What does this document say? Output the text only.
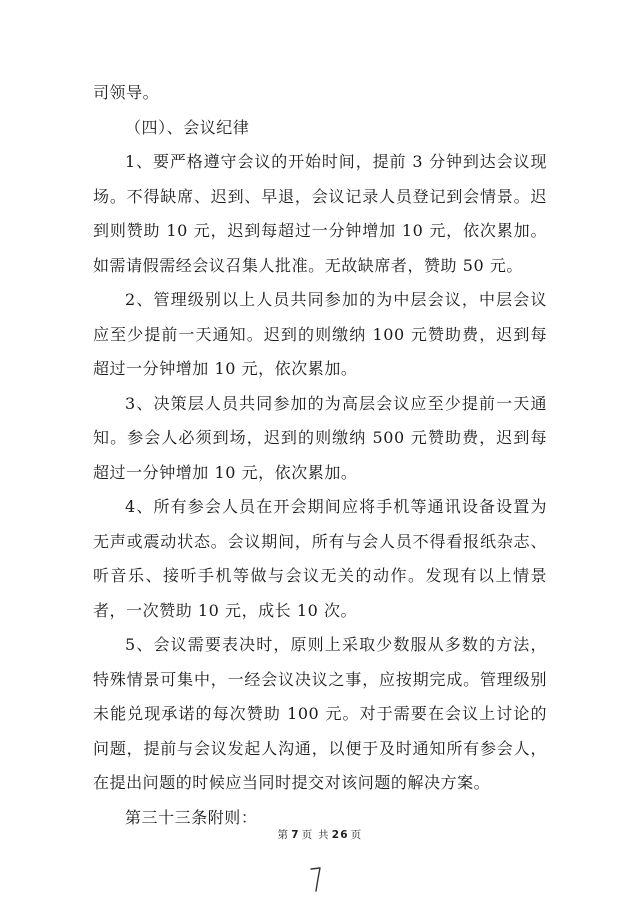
司领导。

（四）、会议纪律

1、要严格遵守会议的开始时间，提前 3 分钟到达会议现场。不得缺席、迟到、早退，会议记录人员登记到会情景。迟到则赞助 10 元，迟到每超过一分钟增加 10 元，依次累加。如需请假需经会议召集人批准。无故缺席者，赞助 50 元。

2、管理级别以上人员共同参加的为中层会议，中层会议应至少提前一天通知。迟到的则缴纳 100 元赞助费，迟到每超过一分钟增加 10 元，依次累加。

3、决策层人员共同参加的为高层会议应至少提前一天通知。参会人必须到场，迟到的则缴纳 500 元赞助费，迟到每超过一分钟增加 10 元，依次累加。

4、所有参会人员在开会期间应将手机等通讯设备设置为无声或震动状态。会议期间，所有与会人员不得看报纸杂志、听音乐、接听手机等做与会议无关的动作。发现有以上情景者，一次赞助 10 元，成长 10 次。

5、会议需要表决时，原则上采取少数服从多数的方法，特殊情景可集中，一经会议决议之事，应按期完成。管理级别未能兑现承诺的每次赞助 100 元。对于需要在会议上讨论的问题，提前与会议发起人沟通，以便于及时通知所有参会人，在提出问题的时候应当同时提交对该问题的解决方案。

第三十三条附则：

第 7 页 共 26 页
